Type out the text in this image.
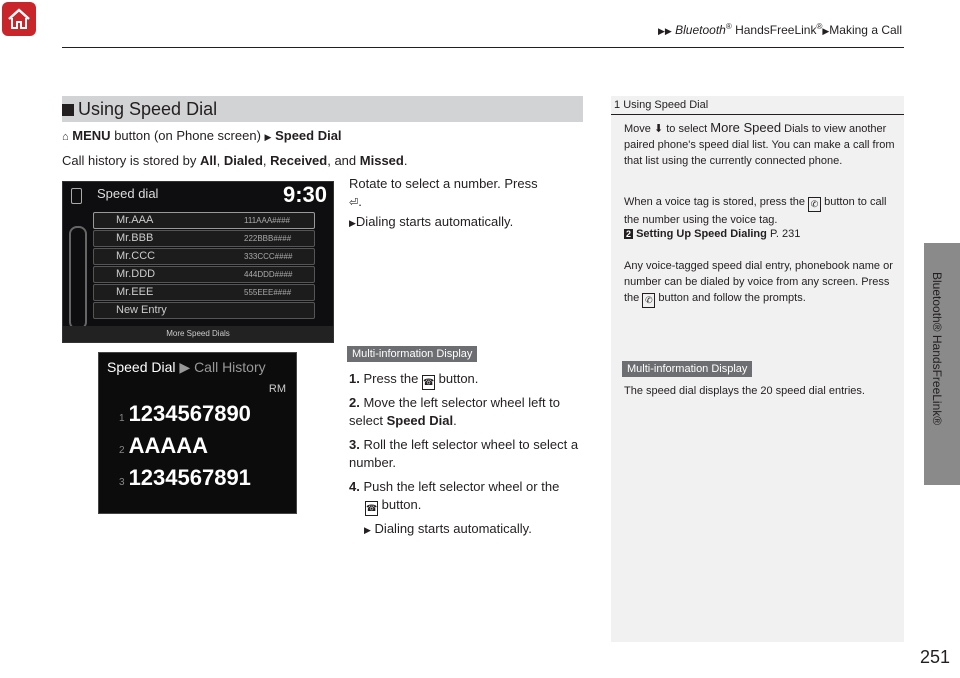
▶▶ Bluetooth® HandsFreeLink®▶Making a Call
Bluetooth® HandsFreeLink®
251
Using Speed Dial
⌂ MENU button (on Phone screen) ▶ Speed Dial
Call history is stored by All, Dialed, Received, and Missed.
Speed dial	9:30
Mr.AAA	111AAA####
Mr.BBB	222BBB####
Mr.CCC	333CCC####
Mr.DDD	444DDD####
Mr.EEE	555EEE####
New Entry
More Speed Dials
Rotate to select a number. Press
⏎.
▶Dialing starts automatically.
Speed Dial ▶ Call History
RM
1 1234567890
2 AAAAA
3 1234567891
Multi-information Display
1. Press the ☎ button.
2. Move the left selector wheel left to select Speed Dial.
3. Roll the left selector wheel to select a number.
4. Push the left selector wheel or the
☎ button.
▶ Dialing starts automatically.
1 Using Speed Dial
Move ⬇ to select More Speed Dials to view another paired phone's speed dial list. You can make a call from that list using the currently connected phone.
When a voice tag is stored, press the ✆ button to call the number using the voice tag.
2 Setting Up Speed Dialing P. 231
Any voice-tagged speed dial entry, phonebook name or number can be dialed by voice from any screen. Press the ✆ button and follow the prompts.
Multi-information Display
The speed dial displays the 20 speed dial entries.
